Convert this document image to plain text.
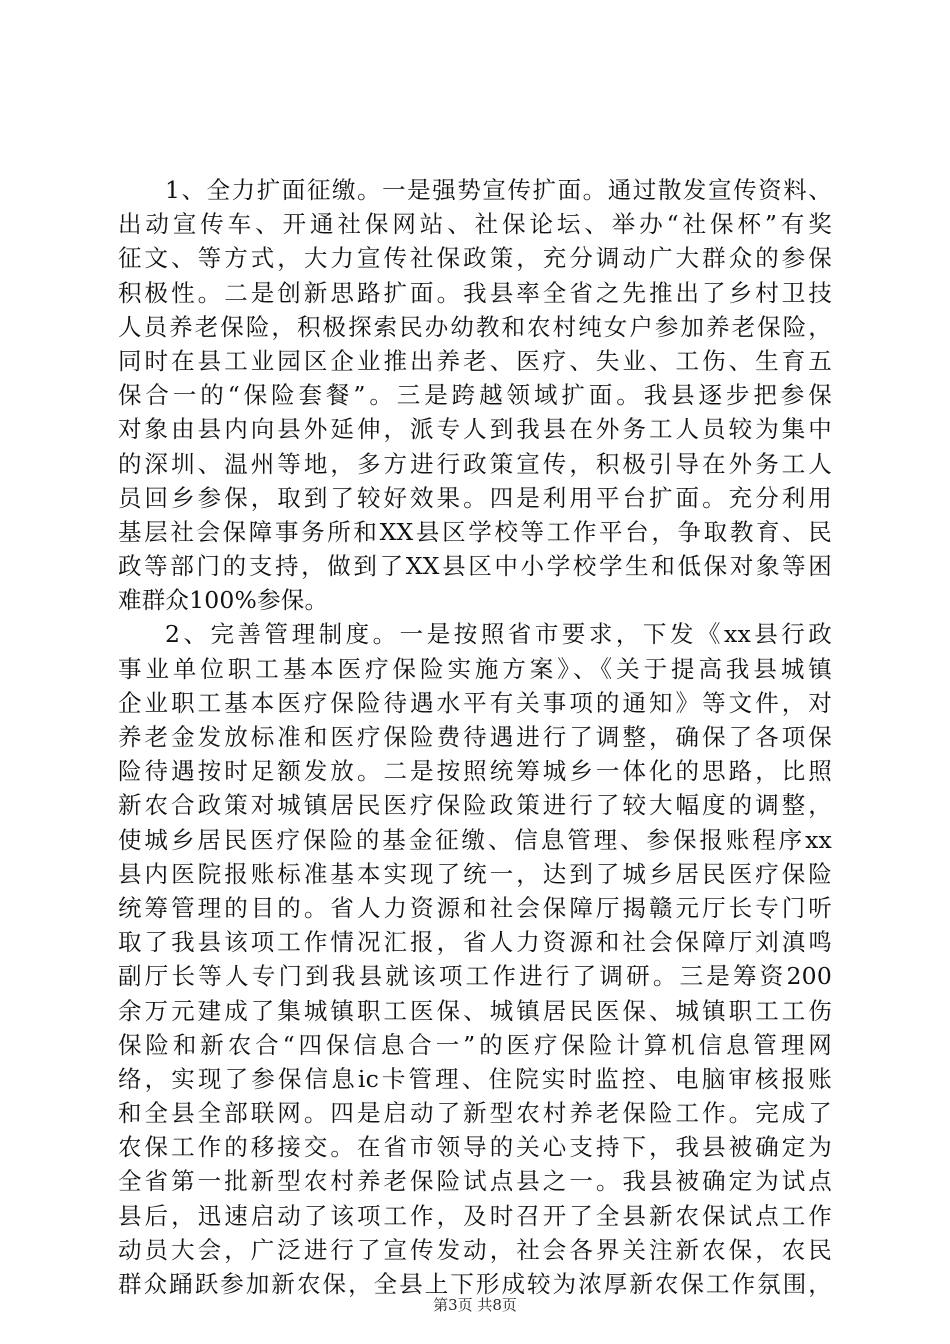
1、全力扩面征缴。一是强势宣传扩面。通过散发宣传资料、
出动宣传车、开通社保网站、社保论坛、举办“社保杯”有奖
征文、等方式，大力宣传社保政策，充分调动广大群众的参保
积极性。二是创新思路扩面。我县率全省之先推出了乡村卫技
人员养老保险，积极探索民办幼教和农村纯女户参加养老保险，
同时在县工业园区企业推出养老、医疗、失业、工伤、生育五
保合一的“保险套餐”。三是跨越领域扩面。我县逐步把参保
对象由县内向县外延伸，派专人到我县在外务工人员较为集中
的深圳、温州等地，多方进行政策宣传，积极引导在外务工人
员回乡参保，取到了较好效果。四是利用平台扩面。充分利用
基层社会保障事务所和XX县区学校等工作平台，争取教育、民
政等部门的支持，做到了XX县区中小学校学生和低保对象等困
难群众100%参保。
2、完善管理制度。一是按照省市要求，下发《xx县行政
事业单位职工基本医疗保险实施方案》、《关于提高我县城镇
企业职工基本医疗保险待遇水平有关事项的通知》等文件，对
养老金发放标准和医疗保险费待遇进行了调整，确保了各项保
险待遇按时足额发放。二是按照统筹城乡一体化的思路，比照
新农合政策对城镇居民医疗保险政策进行了较大幅度的调整，
使城乡居民医疗保险的基金征缴、信息管理、参保报账程序xx
县内医院报账标准基本实现了统一，达到了城乡居民医疗保险
统筹管理的目的。省人力资源和社会保障厅揭赣元厅长专门听
取了我县该项工作情况汇报，省人力资源和社会保障厅刘滇鸣
副厅长等人专门到我县就该项工作进行了调研。三是筹资200
余万元建成了集城镇职工医保、城镇居民医保、城镇职工工伤
保险和新农合“四保信息合一”的医疗保险计算机信息管理网
络，实现了参保信息ic卡管理、住院实时监控、电脑审核报账
和全县全部联网。四是启动了新型农村养老保险工作。完成了
农保工作的移接交。在省市领导的关心支持下，我县被确定为
全省第一批新型农村养老保险试点县之一。我县被确定为试点
县后，迅速启动了该项工作，及时召开了全县新农保试点工作
动员大会，广泛进行了宣传发动，社会各界关注新农保，农民
群众踊跃参加新农保，全县上下形成较为浓厚新农保工作氛围，
第3页 共8页
